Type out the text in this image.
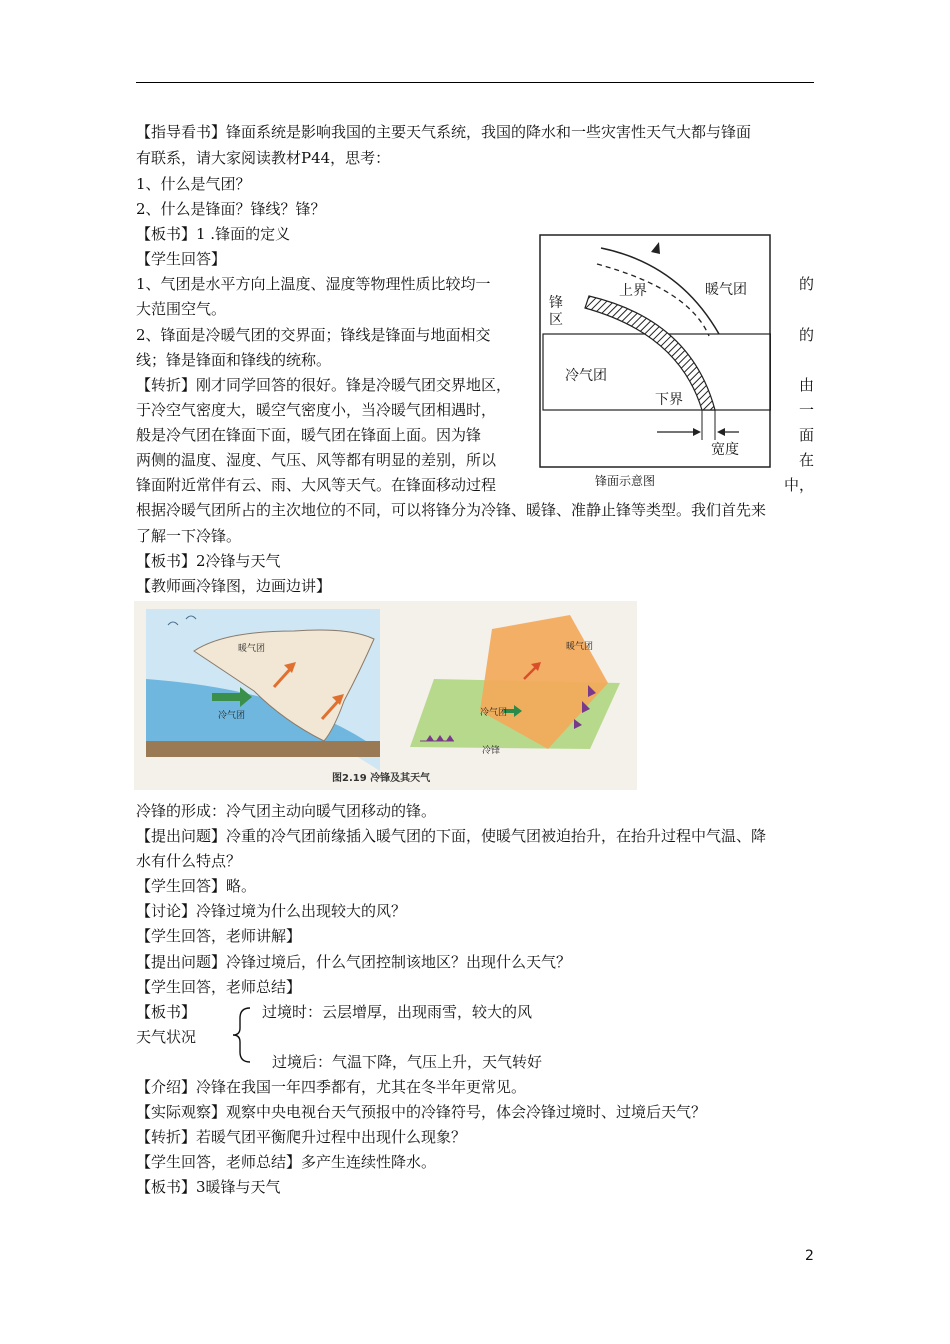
【指导看书】锋面系统是影响我国的主要天气系统，我国的降水和一些灾害性天气大都与锋面
有联系，请大家阅读教材P44，思考：
1、什么是气团？
2、什么是锋面？锋线？锋？
【板书】1 .锋面的定义
【学生回答】
1、气团是水平方向上温度、湿度等物理性质比较均一	的
大范围空气。
2、锋面是冷暖气团的交界面；锋线是锋面与地面相交	的
线；锋是锋面和锋线的统称。
【转折】刚才同学回答的很好。锋是冷暖气团交界地区，	由
于冷空气密度大，暖空气密度小，当冷暖气团相遇时，	一
般是冷气团在锋面下面，暖气团在锋面上面。因为锋	面
两侧的温度、湿度、气压、风等都有明显的差别，所以	在
锋面附近常伴有云、雨、大风等天气。在锋面移动过程	中，
根据冷暖气团所占的主次地位的不同，可以将锋分为冷锋、暖锋、准静止锋等类型。我们首先来
了解一下冷锋。
【板书】2冷锋与天气
【教师画冷锋图，边画边讲】
暖气团
上界
锋
区
冷气团
下界
宽度
锋面示意图
暖气团
冷气团
暖气团
冷气团
冷锋
图2.19 冷锋及其天气
冷锋的形成：冷气团主动向暖气团移动的锋。
【提出问题】冷重的冷气团前缘插入暖气团的下面，使暖气团被迫抬升，在抬升过程中气温、降
水有什么特点？
【学生回答】略。
【讨论】冷锋过境为什么出现较大的风？
【学生回答，老师讲解】
【提出问题】冷锋过境后，什么气团控制该地区？出现什么天气？
【学生回答，老师总结】
【板书】	过境时：云层增厚，出现雨雪，较大的风
天气状况
过境后：气温下降，气压上升，天气转好
【介绍】冷锋在我国一年四季都有，尤其在冬半年更常见。
【实际观察】观察中央电视台天气预报中的冷锋符号，体会冷锋过境时、过境后天气？
【转折】若暖气团平衡爬升过程中出现什么现象？
【学生回答，老师总结】多产生连续性降水。
【板书】3暖锋与天气
2
